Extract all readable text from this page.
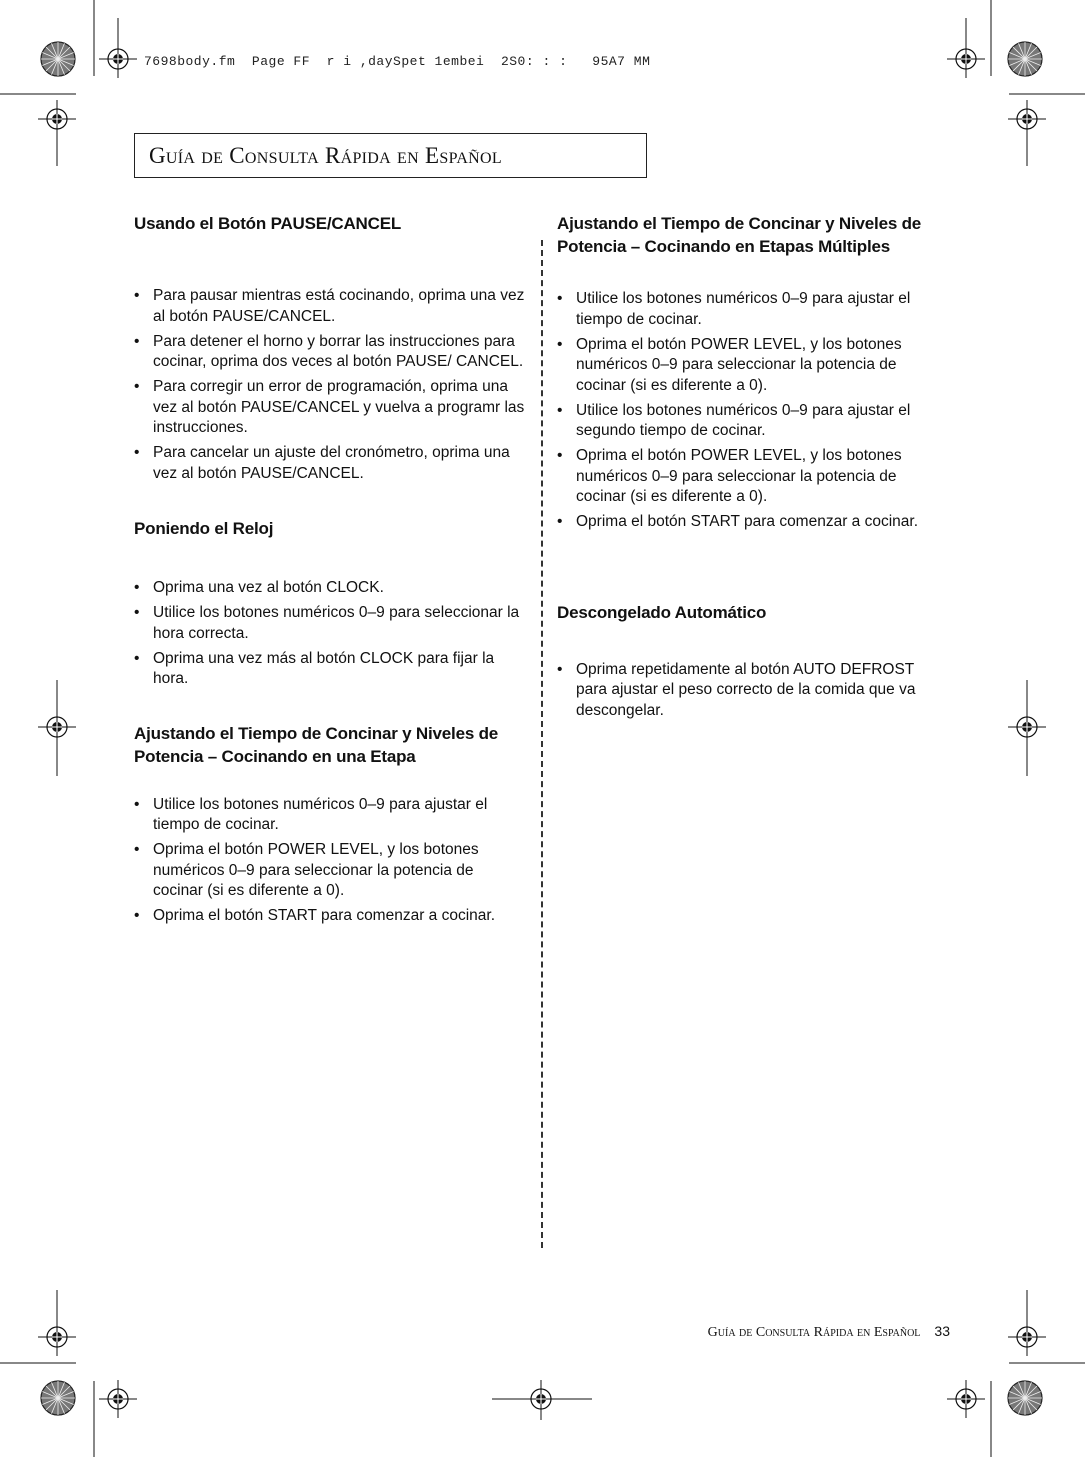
7698body.fm  Page FF  r i ,daySpet 1embei  2S0: : :   95A7 MM
Guía de Consulta Rápida en Español
Usando el Botón PAUSE/CANCEL
• Para pausar mientras está cocinando, oprima una vez al botón PAUSE/CANCEL.
• Para detener el horno y borrar las instrucciones para cocinar, oprima dos veces al botón PAUSE/ CANCEL.
• Para corregir un error de programación, oprima una vez al botón PAUSE/CANCEL y vuelva a programr las instrucciones.
• Para cancelar un ajuste del cronómetro, oprima una vez al botón PAUSE/CANCEL.
Poniendo el Reloj
• Oprima una vez al botón CLOCK.
• Utilice los botones numéricos 0–9 para seleccionar la hora correcta.
• Oprima una vez más al botón CLOCK para fijar la hora.
Ajustando el Tiempo de Concinar y Niveles de Potencia – Cocinando en una Etapa
• Utilice los botones numéricos 0–9 para ajustar el tiempo de cocinar.
• Oprima el botón POWER LEVEL, y los botones numéricos 0–9 para seleccionar la potencia de cocinar (si es diferente a 0).
• Oprima el botón START para comenzar a cocinar.
Ajustando el Tiempo de Concinar y Niveles de Potencia – Cocinando en Etapas Múltiples
• Utilice los botones numéricos 0–9 para ajustar el tiempo de cocinar.
• Oprima el botón POWER LEVEL, y los botones numéricos 0–9 para seleccionar la potencia de cocinar (si es diferente a 0).
• Utilice los botones numéricos 0–9 para ajustar el segundo tiempo de cocinar.
• Oprima el botón POWER LEVEL, y los botones numéricos 0–9 para seleccionar la potencia de cocinar (si es diferente a 0).
• Oprima el botón START para comenzar a cocinar.
Descongelado Automático
• Oprima repetidamente al botón AUTO DEFROST para ajustar el peso correcto de la comida que va descongelar.
Guía de Consulta Rápida en Español 33
